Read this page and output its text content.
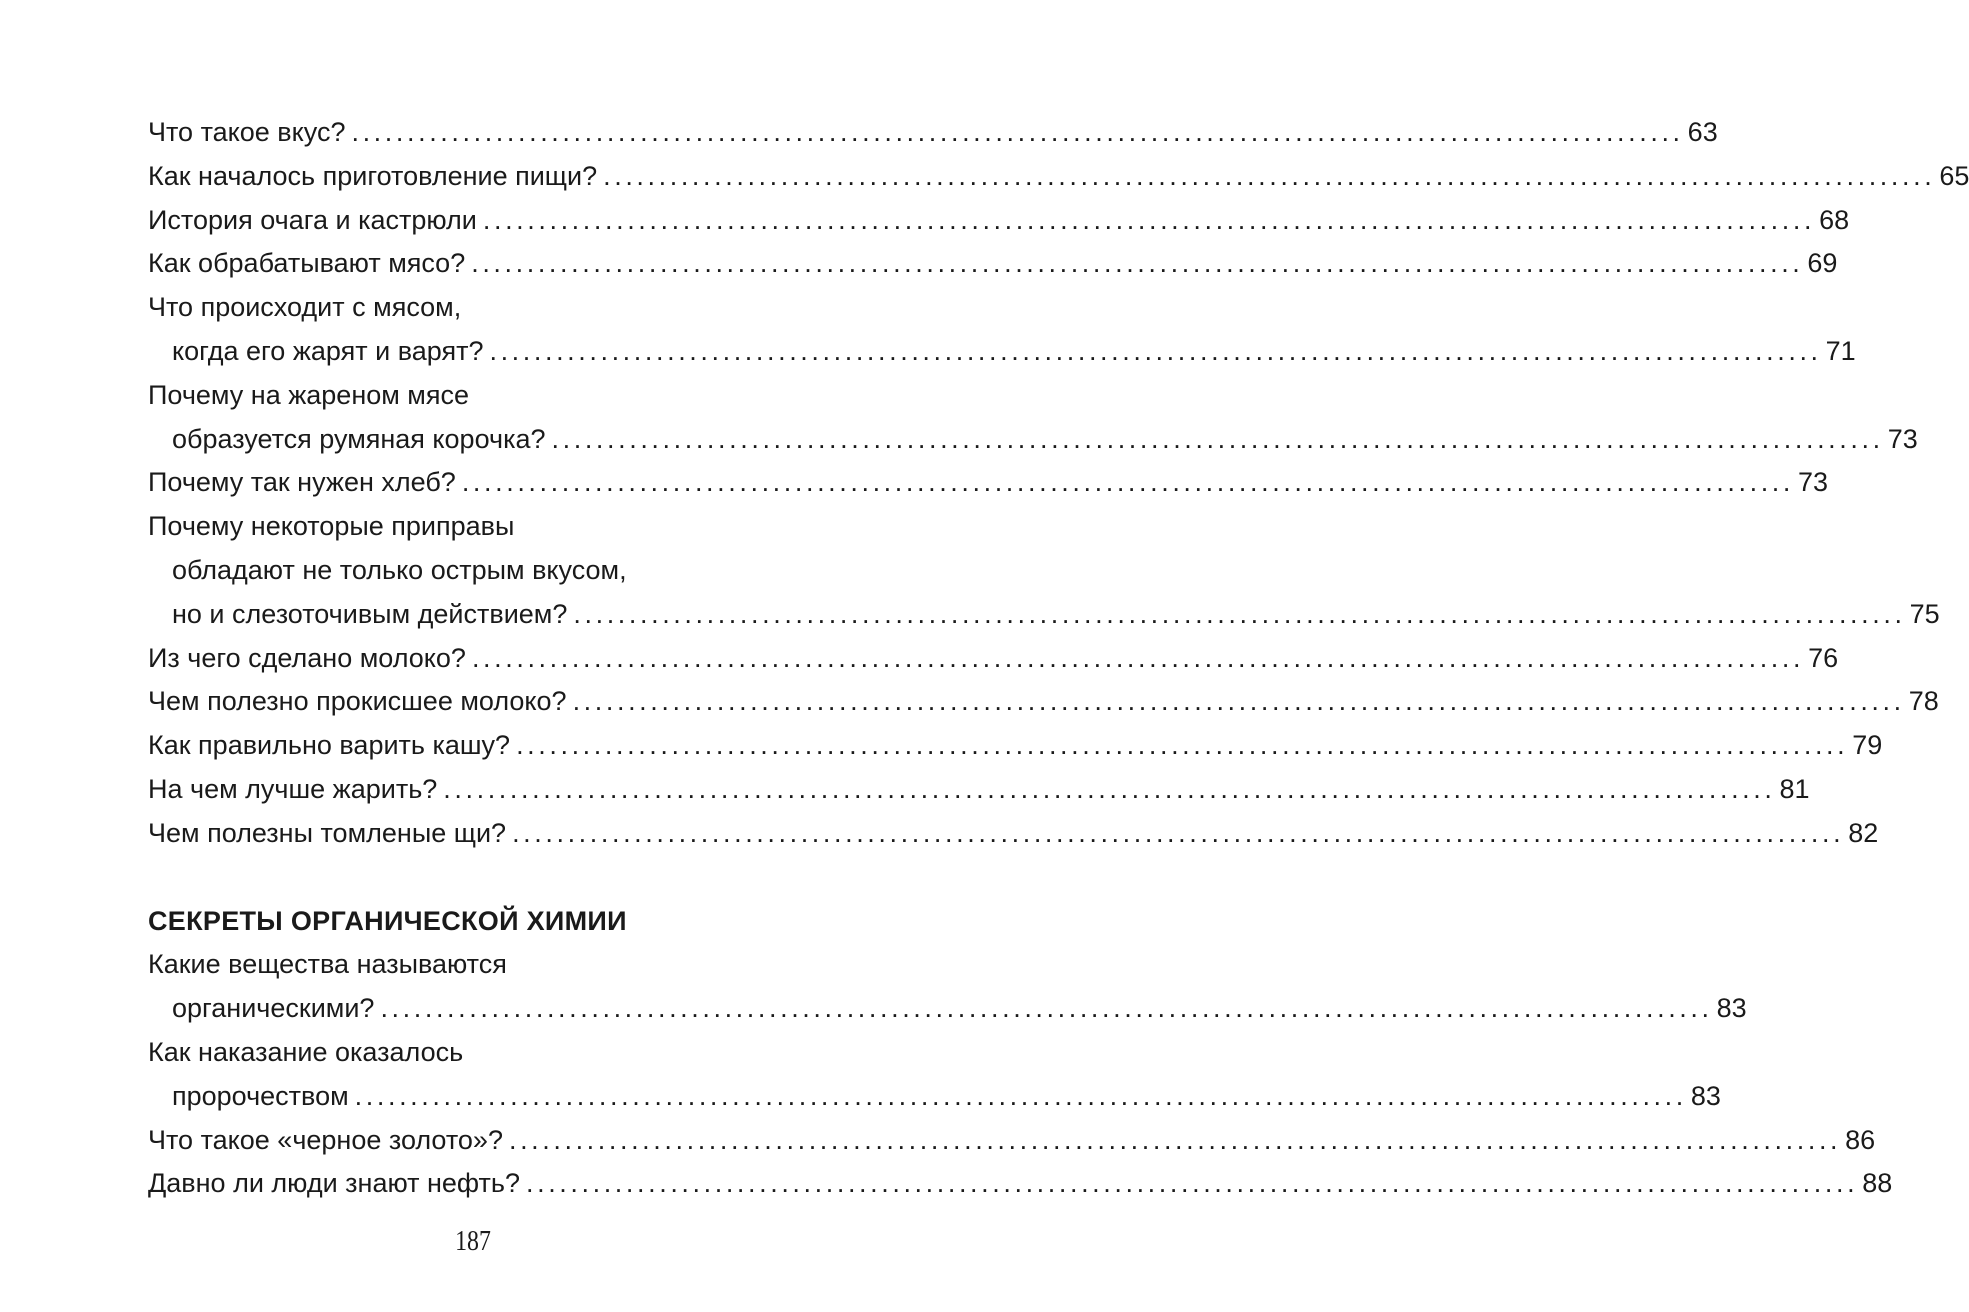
Что такое вкус? ........................................................................................................................ 63
Как началось приготовление пищи? ........................................................................................................................ 65
История очага и кастрюли ........................................................................................................................ 68
Как обрабатывают мясо? ........................................................................................................................ 69
Что происходит с мясом,
когда его жарят и варят? ........................................................................................................................ 71
Почему на жареном мясе
образуется румяная корочка? ........................................................................................................................ 73
Почему так нужен хлеб? ........................................................................................................................ 73
Почему некоторые приправы
обладают не только острым вкусом,
но и слезоточивым действием? ........................................................................................................................ 75
Из чего сделано молоко? ........................................................................................................................ 76
Чем полезно прокисшее молоко? ........................................................................................................................ 78
Как правильно варить кашу? ........................................................................................................................ 79
На чем лучше жарить? ........................................................................................................................ 81
Чем полезны томленые щи? ........................................................................................................................ 82
СЕКРЕТЫ ОРГАНИЧЕСКОЙ ХИМИИ
Какие вещества называются
органическими? ........................................................................................................................ 83
Как наказание оказалось
пророчеством ........................................................................................................................ 83
Что такое «черное золото»? ........................................................................................................................ 86
Давно ли люди знают нефть? ........................................................................................................................ 88
187
